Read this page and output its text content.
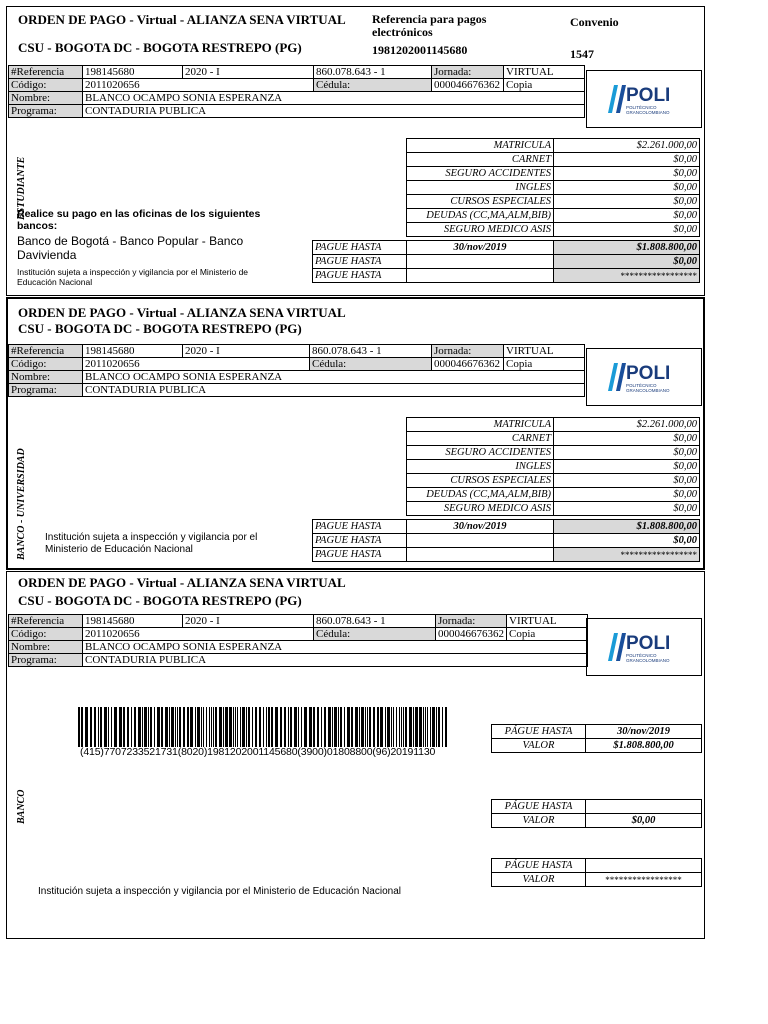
ORDEN DE PAGO - Virtual - ALIANZA SENA VIRTUAL
CSU - BOGOTA DC - BOGOTA RESTREPO (PG)
Referencia para pagos
electrónicos
1981202001145680
Convenio
1547
#Referencia	198145680	2020 - I	860.078.643 - 1	Jornada:	VIRTUAL
Código:	2011020656		Cédula:	000046676362	Copia
Nombre:	BLANCO OCAMPO SONIA ESPERANZA				
Programa:	CONTADURIA PUBLICA				
POLI
POLITÉCNICO
GRANCOLOMBIANO
ESTUDIANTE
MATRICULA	$2.261.000,00
CARNET	$0,00
SEGURO ACCIDENTES	$0,00
INGLES	$0,00
CURSOS ESPECIALES	$0,00
DEUDAS (CC,MA,ALM,BIB)	$0,00
SEGURO MEDICO ASIS	$0,00
PAGUE HASTA	30/nov/2019	$1.808.800,00
PAGUE HASTA		$0,00
PAGUE HASTA		*****************
Realice su pago en las oficinas de los siguientes bancos:
Banco de Bogotá - Banco Popular - Banco
Davivienda
Institución sujeta a inspección y vigilancia por el Ministerio de
Educación Nacional
ORDEN DE PAGO - Virtual - ALIANZA SENA VIRTUAL
CSU - BOGOTA DC - BOGOTA RESTREPO (PG)
#Referencia	198145680	2020 - I	860.078.643 - 1	Jornada:	VIRTUAL
Código:	2011020656		Cédula:	000046676362	Copia
Nombre:	BLANCO OCAMPO SONIA ESPERANZA				
Programa:	CONTADURIA PUBLICA				
POLI
POLITÉCNICO
GRANCOLOMBIANO
BANCO - UNIVERSIDAD
MATRICULA	$2.261.000,00
CARNET	$0,00
SEGURO ACCIDENTES	$0,00
INGLES	$0,00
CURSOS ESPECIALES	$0,00
DEUDAS (CC,MA,ALM,BIB)	$0,00
SEGURO MEDICO ASIS	$0,00
PAGUE HASTA	30/nov/2019	$1.808.800,00
PAGUE HASTA		$0,00
PAGUE HASTA		*****************
Institución sujeta a inspección y vigilancia por el
Ministerio de Educación Nacional
ORDEN DE PAGO - Virtual - ALIANZA SENA VIRTUAL
CSU - BOGOTA DC - BOGOTA RESTREPO (PG)
#Referencia	198145680	2020 - I	860.078.643 - 1	Jornada:	VIRTUAL
Código:	2011020656		Cédula:	000046676362	Copia
Nombre:	BLANCO OCAMPO SONIA ESPERANZA				
Programa:	CONTADURIA PUBLICA				
POLI
POLITÉCNICO
GRANCOLOMBIANO
(415)7707233521731(8020)1981202001145680(3900)01808800(96)20191130
BANCO
PÁGUE HASTA	30/nov/2019
VALOR	$1.808.800,00
PÁGUE HASTA	
VALOR	$0,00
PÁGUE HASTA	
VALOR	*****************
Institución sujeta a inspección y vigilancia por el Ministerio de Educación Nacional
